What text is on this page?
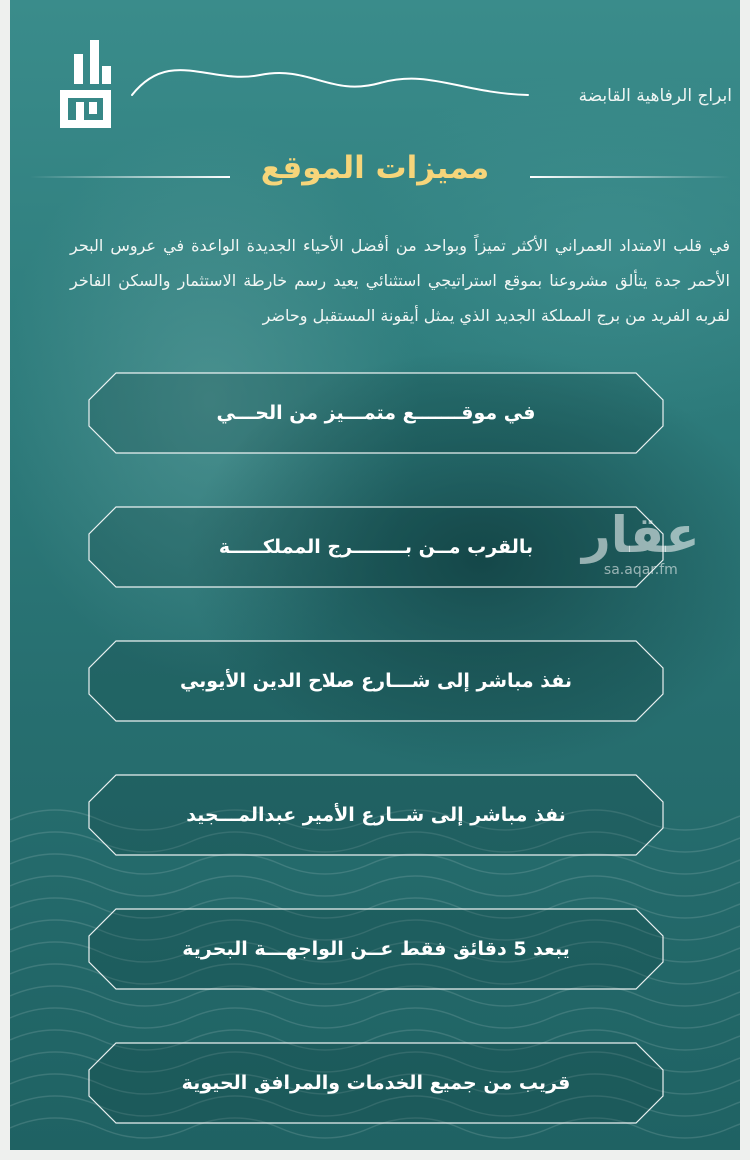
ابراج الرفاهية القابضة
مميزات الموقع

في قلب الامتداد العمراني الأكثر تميزاً وبواحد من أفضل الأحياء الجديدة الواعدة في عروس البحر الأحمر جدة يتألق مشروعنا بموقع استراتيجي استثنائي يعيد رسم خارطة الاستثمار والسكن الفاخر لقربه الفريد من برج المملكة الجديد الذي يمثل أيقونة المستقبل وحاضر

في موقـــــــع متمـــيز من الحـــي
بالقرب مــن بــــــــرج المملكـــــة
نفذ مباشر إلى شـــارع صلاح الدين الأيوبي
نفذ مباشر إلى شــارع الأمير عبدالمـــجيد
يبعد 5 دقائق فقط عــن الواجهـــة البحرية
قريب من جميع الخدمات والمرافق الحيوية
عقار
sa.aqar.fm
